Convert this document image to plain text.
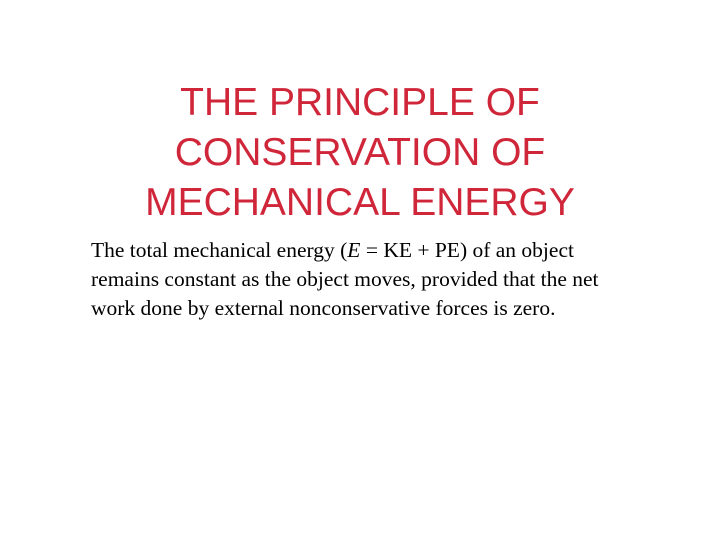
THE PRINCIPLE OF
CONSERVATION OF
MECHANICAL ENERGY
The total mechanical energy (E = KE + PE) of an object
remains constant as the object moves, provided that the net
work done by external nonconservative forces is zero.
